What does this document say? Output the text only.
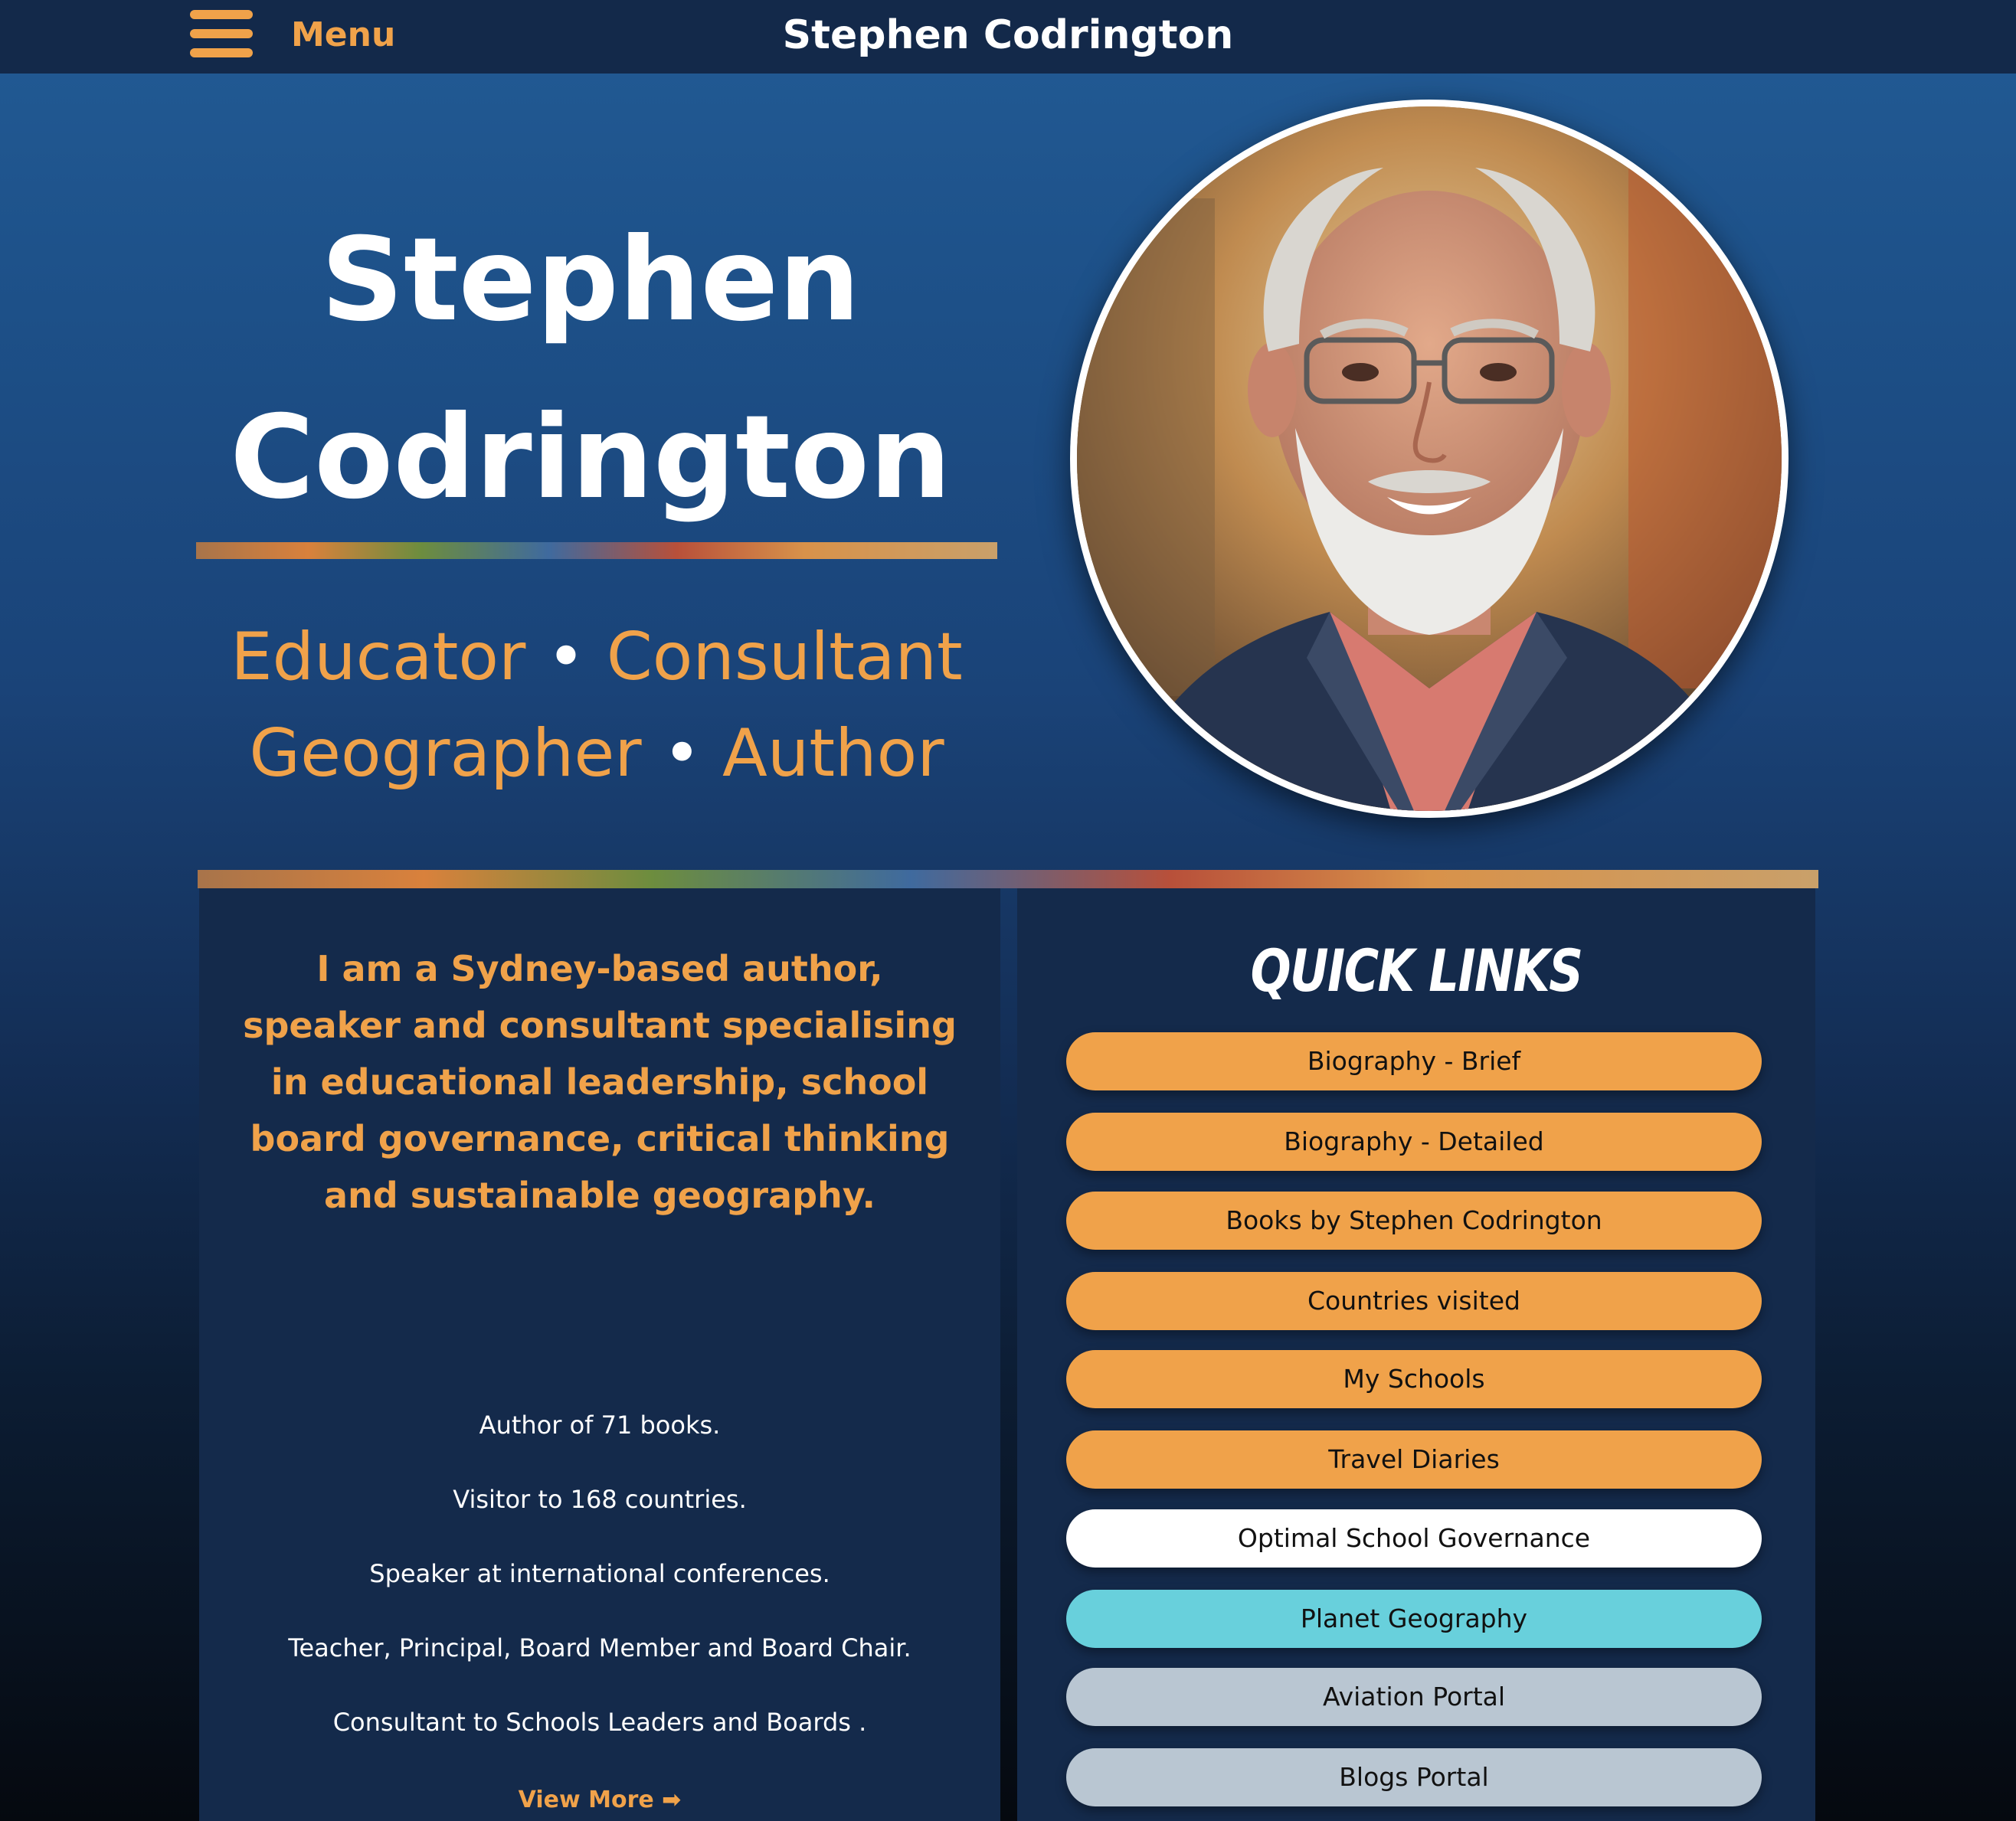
Menu	Stephen Codrington
Stephen
Codrington
Educator • Consultant
Geographer • Author
I am a Sydney-based author, speaker and consultant specialising in educational leadership, school board governance, critical thinking and sustainable geography.

Author of 71 books.

Visitor to 168 countries.

Speaker at international conferences.

Teacher, Principal, Board Member and Board Chair.

Consultant to Schools Leaders and Boards .

View More ➡
QUICK LINKS
Biography - Brief
Biography - Detailed
Books by Stephen Codrington
Countries visited
My Schools
Travel Diaries
Optimal School Governance
Planet Geography
Aviation Portal
Blogs Portal
